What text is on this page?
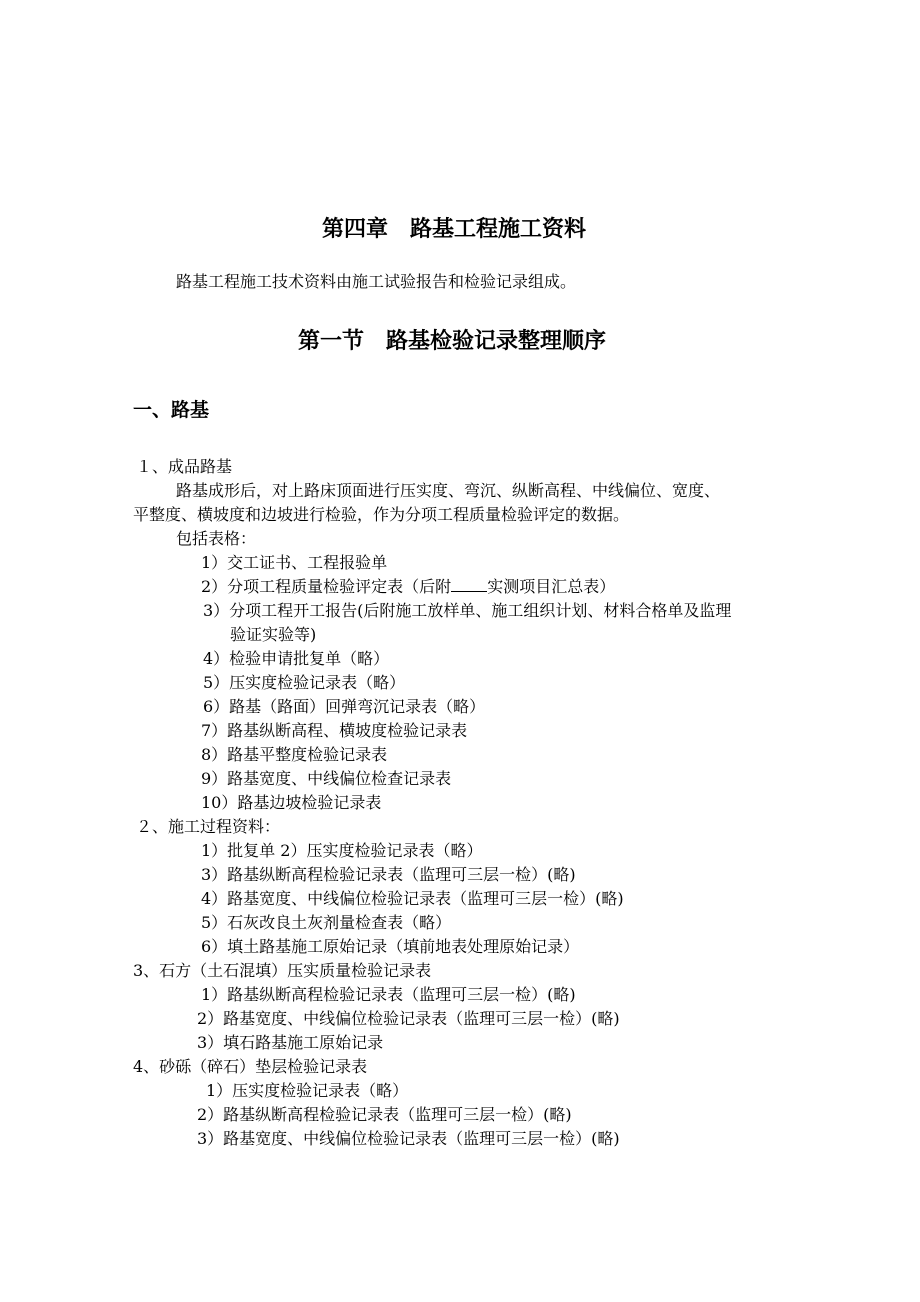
第四章　路基工程施工资料
路基工程施工技术资料由施工试验报告和检验记录组成。
第一节　路基检验记录整理顺序
一、路基
１、成品路基
路基成形后，对上路床顶面进行压实度、弯沉、纵断高程、中线偏位、宽度、
平整度、横坡度和边坡进行检验，作为分项工程质量检验评定的数据。
包括表格：
1）交工证书、工程报验单
2）分项工程质量检验评定表（后附 实测项目汇总表）
3）分项工程开工报告(后附施工放样单、施工组织计划、材料合格单及监理
验证实验等)
4）检验申请批复单（略）
5）压实度检验记录表（略）
6）路基（路面）回弹弯沉记录表（略）
7）路基纵断高程、横坡度检验记录表
8）路基平整度检验记录表
9）路基宽度、中线偏位检查记录表
10）路基边坡检验记录表
２、施工过程资料：
1）批复单 2）压实度检验记录表（略）
3）路基纵断高程检验记录表（监理可三层一检）(略)
4）路基宽度、中线偏位检验记录表（监理可三层一检）(略)
5）石灰改良土灰剂量检查表（略）
6）填土路基施工原始记录（填前地表处理原始记录）
3、石方（土石混填）压实质量检验记录表
1）路基纵断高程检验记录表（监理可三层一检）(略)
2）路基宽度、中线偏位检验记录表（监理可三层一检）(略)
3）填石路基施工原始记录
4、砂砾（碎石）垫层检验记录表
1）压实度检验记录表（略）
2）路基纵断高程检验记录表（监理可三层一检）(略)
3）路基宽度、中线偏位检验记录表（监理可三层一检）(略)
